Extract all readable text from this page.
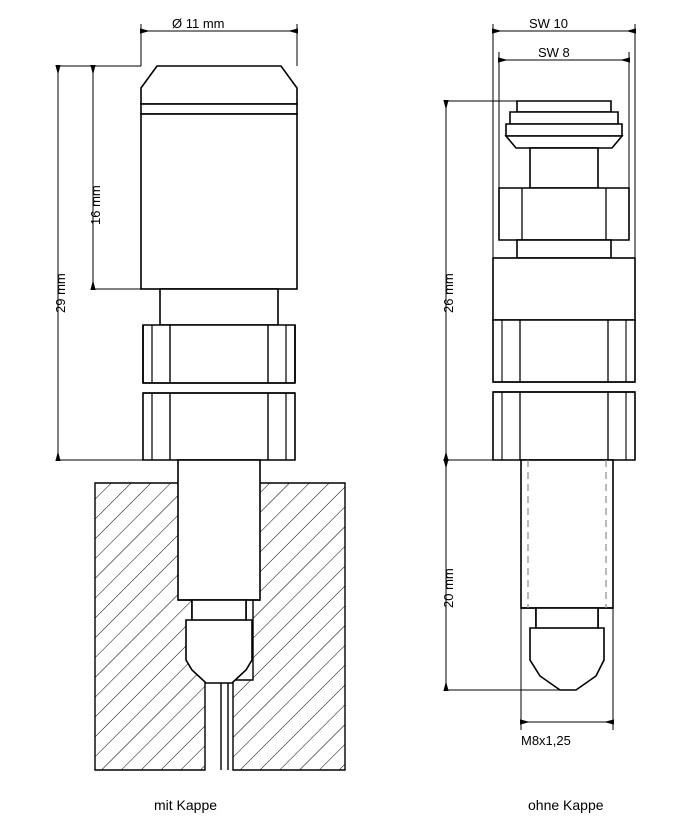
Ø 11 mm
16 mm
29 mm
SW 10
SW 8
26 mm
20 mm
M8x1,25
mit Kappe	ohne Kappe
